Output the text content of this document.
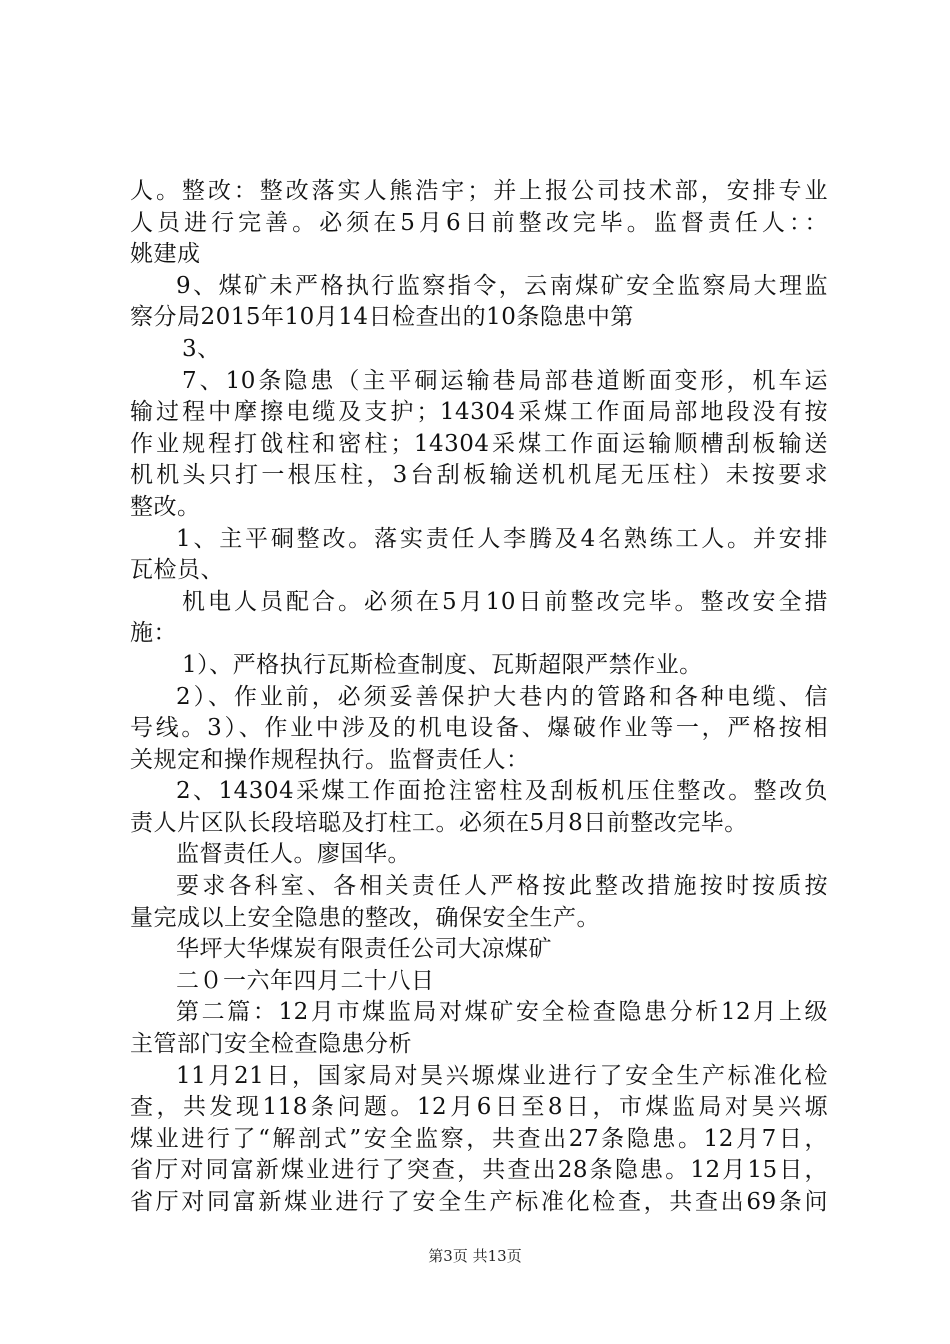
人。整改：整改落实人熊浩宇；并上报公司技术部，安排专业
人员进行完善。必须在5月6日前整改完毕。监督责任人：：
姚建成
9、煤矿未严格执行监察指令，云南煤矿安全监察局大理监
察分局2015年10月14日检查出的10条隐患中第
3、
7、10条隐患（主平硐运输巷局部巷道断面变形，机车运
输过程中摩擦电缆及支护；14304采煤工作面局部地段没有按
作业规程打戗柱和密柱；14304采煤工作面运输顺槽刮板输送
机机头只打一根压柱，3台刮板输送机机尾无压柱）未按要求
整改。
1、主平硐整改。落实责任人李腾及4名熟练工人。并安排
瓦检员、
机电人员配合。必须在5月10日前整改完毕。整改安全措
施：
1）、严格执行瓦斯检查制度、瓦斯超限严禁作业。
2）、作业前，必须妥善保护大巷内的管路和各种电缆、信
号线。3）、作业中涉及的机电设备、爆破作业等一，严格按相
关规定和操作规程执行。监督责任人：
2、14304采煤工作面抢注密柱及刮板机压住整改。整改负
责人片区队长段培聪及打柱工。必须在5月8日前整改完毕。
监督责任人。廖国华。
要求各科室、各相关责任人严格按此整改措施按时按质按
量完成以上安全隐患的整改，确保安全生产。
华坪大华煤炭有限责任公司大凉煤矿
二０一六年四月二十八日
第二篇：12月市煤监局对煤矿安全检查隐患分析12月上级
主管部门安全检查隐患分析
11月21日，国家局对昊兴塬煤业进行了安全生产标准化检
查，共发现118条问题。12月6日至8日，市煤监局对昊兴塬
煤业进行了“解剖式”安全监察，共查出27条隐患。12月7日，
省厅对同富新煤业进行了突查，共查出28条隐患。12月15日，
省厅对同富新煤业进行了安全生产标准化检查，共查出69条问
第3页 共13页
